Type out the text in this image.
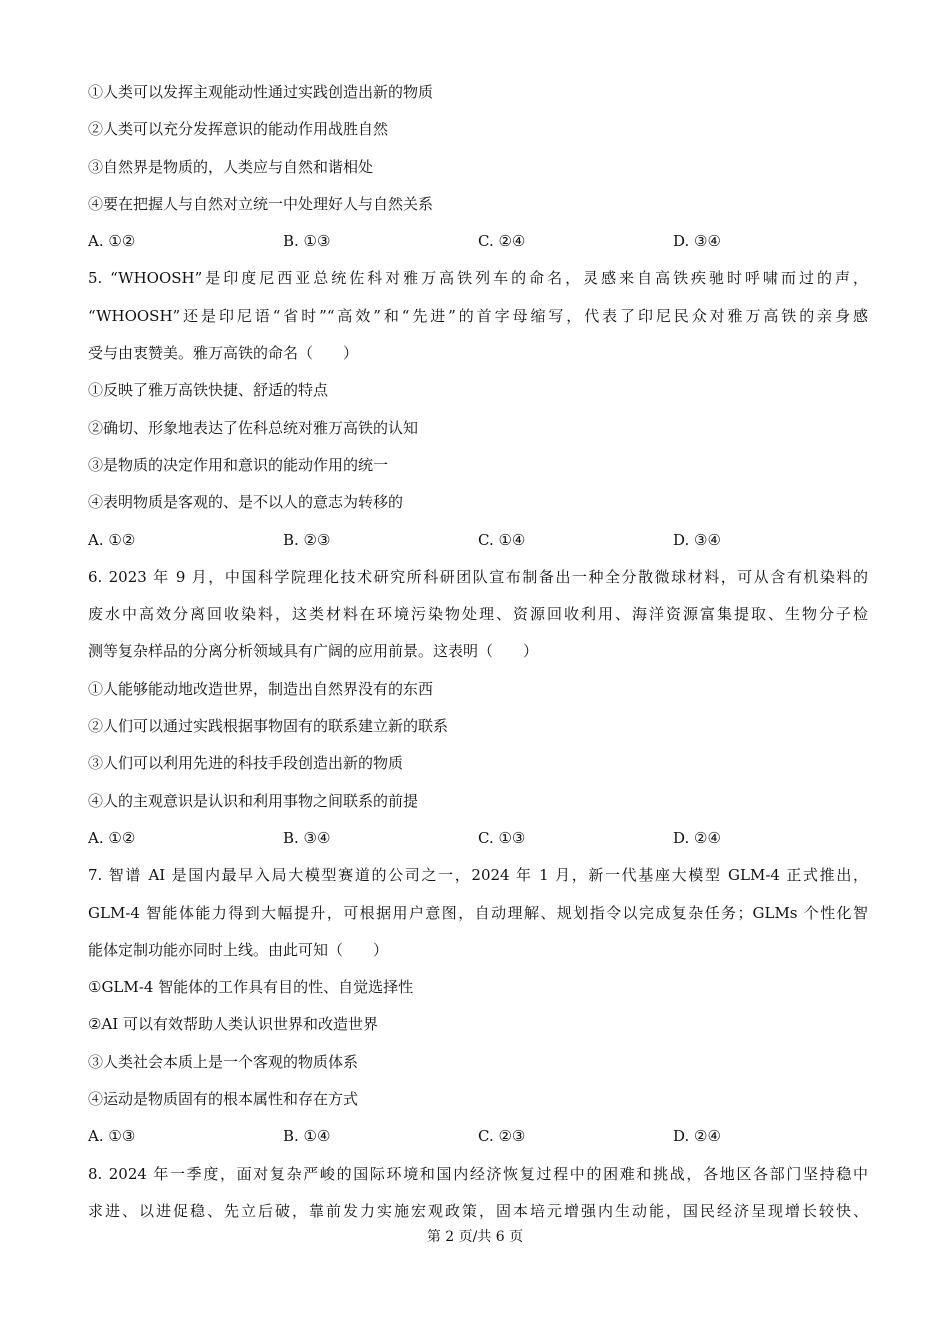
①人类可以发挥主观能动性通过实践创造出新的物质
②人类可以充分发挥意识的能动作用战胜自然
③自然界是物质的，人类应与自然和谐相处
④要在把握人与自然对立统一中处理好人与自然关系
A. ①②	B. ①③	C. ②④	D. ③④
5. “WHOOSH”是印度尼西亚总统佐科对雅万高铁列车的命名，灵感来自高铁疾驰时呼啸而过的声，
“WHOOSH”还是印尼语“省时”“高效”和“先进”的首字母缩写，代表了印尼民众对雅万高铁的亲身感
受与由衷赞美。雅万高铁的命名（　　）
①反映了雅万高铁快捷、舒适的特点
②确切、形象地表达了佐科总统对雅万高铁的认知
③是物质的决定作用和意识的能动作用的统一
④表明物质是客观的、是不以人的意志为转移的
A. ①②	B. ②③	C. ①④	D. ③④
6. 2023 年 9 月，中国科学院理化技术研究所科研团队宣布制备出一种全分散微球材料，可从含有机染料的
废水中高效分离回收染料，这类材料在环境污染物处理、资源回收利用、海洋资源富集提取、生物分子检
测等复杂样品的分离分析领域具有广阔的应用前景。这表明（　　）
①人能够能动地改造世界，制造出自然界没有的东西
②人们可以通过实践根据事物固有的联系建立新的联系
③人们可以利用先进的科技手段创造出新的物质
④人的主观意识是认识和利用事物之间联系的前提
A. ①②	B. ③④	C. ①③	D. ②④
7. 智谱 AI 是国内最早入局大模型赛道的公司之一，2024 年 1 月，新一代基座大模型 GLM-4 正式推出，
GLM-4 智能体能力得到大幅提升，可根据用户意图，自动理解、规划指令以完成复杂任务；GLMs 个性化智
能体定制功能亦同时上线。由此可知（　　）
①GLM-4 智能体的工作具有目的性、自觉选择性
②AI 可以有效帮助人类认识世界和改造世界
③人类社会本质上是一个客观的物质体系
④运动是物质固有的根本属性和存在方式
A. ①③	B. ①④	C. ②③	D. ②④
8. 2024 年一季度，面对复杂严峻的国际环境和国内经济恢复过程中的困难和挑战，各地区各部门坚持稳中
求进、以进促稳、先立后破，靠前发力实施宏观政策，固本培元增强内生动能，国民经济呈现增长较快、
第 2 页/共 6 页
